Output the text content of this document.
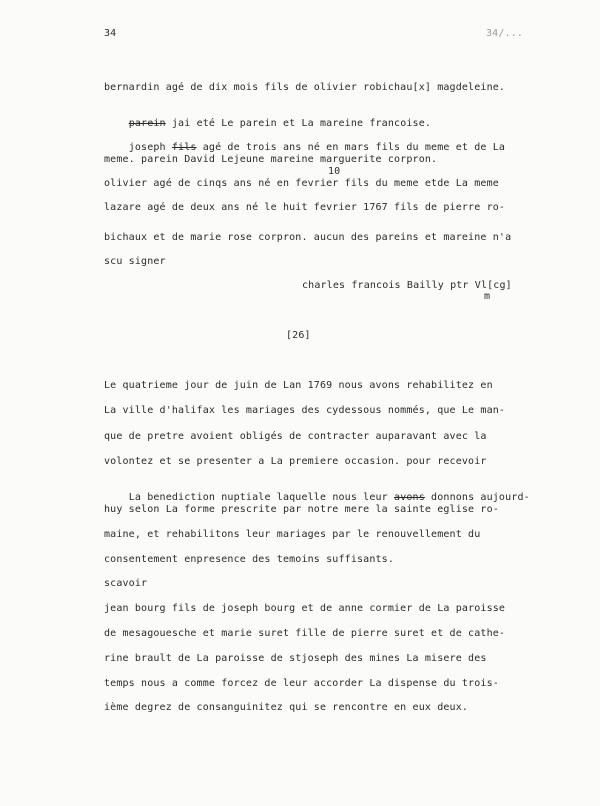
34	34/...
bernardin agé de dix mois fils de olivier robichau[x] magdeleine.

parein jai eté Le parein et La mareine francoise.

joseph fils agé de trois ans né en mars fils du meme et de La

meme. parein David Lejeune mareine marguerite corpron.
10
olivier agé de cinqs ans né en fevrier fils du meme etde La meme
lazare agé de deux ans né le huit fevrier 1767 fils de pierre ro-
bichaux et de marie rose corpron. aucun des pareins et mareine n'a
scu signer
charles francois Bailly ptr Vl[cg]
m
[26]
Le quatrieme jour de juin de Lan 1769 nous avons rehabilitez en
La ville d'halifax les mariages des cydessous nommés, que Le man-
que de pretre avoient obligés de contracter auparavant avec la
volontez et se presenter a La premiere occasion. pour recevoir

La benediction nuptiale laquelle nous leur avons donnons aujourd-

huy selon La forme prescrite par notre mere la sainte eglise ro-
maine, et rehabilitons leur mariages par le renouvellement du
consentement enpresence des temoins suffisants.
scavoir
jean bourg fils de joseph bourg et de anne cormier de La paroisse
de mesagouesche et marie suret fille de pierre suret et de cathe-
rine brault de La paroisse de stjoseph des mines La misere des
temps nous a comme forcez de leur accorder La dispense du trois-
ième degrez de consanguinitez qui se rencontre en eux deux.
